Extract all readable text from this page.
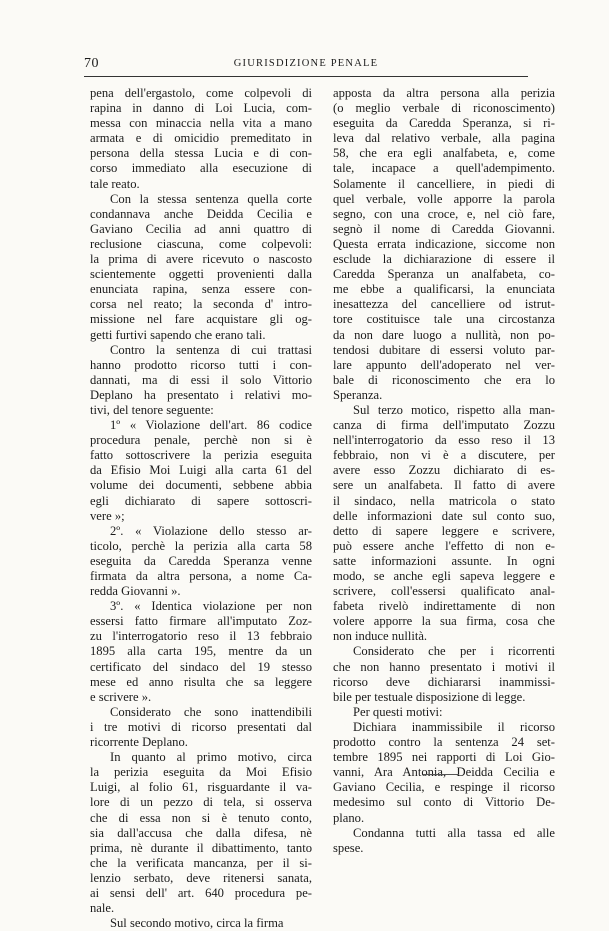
70	GIURISDIZIONE PENALE
pena dell'ergastolo, come colpevoli di
rapina in danno di Loi Lucia, com-
messa con minaccia nella vita a mano
armata e di omicidio premeditato in
persona della stessa Lucia e di con-
corso immediato alla esecuzione di
tale reato.
Con la stessa sentenza quella corte
condannava anche Deidda Cecilia e
Gaviano Cecilia ad anni quattro di
reclusione ciascuna, come colpevoli:
la prima di avere ricevuto o nascosto
scientemente oggetti provenienti dalla
enunciata rapina, senza essere con-
corsa nel reato; la seconda d' intro-
missione nel fare acquistare gli og-
getti furtivi sapendo che erano tali.
Contro la sentenza di cui trattasi
hanno prodotto ricorso tutti i con-
dannati, ma di essi il solo Vittorio
Deplano ha presentato i relativi mo-
tivi, del tenore seguente:
1º « Violazione dell'art. 86 codice
procedura penale, perchè non si è
fatto sottoscrivere la perizia eseguita
da Efisio Moi Luigi alla carta 61 del
volume dei documenti, sebbene abbia
egli dichiarato di sapere sottoscri-
vere »;
2º. « Violazione dello stesso ar-
ticolo, perchè la perizia alla carta 58
eseguita da Caredda Speranza venne
firmata da altra persona, a nome Ca-
redda Giovanni ».
3º. « Identica violazione per non
essersi fatto firmare all'imputato Zoz-
zu l'interrogatorio reso il 13 febbraio
1895 alla carta 195, mentre da un
certificato del sindaco del 19 stesso
mese ed anno risulta che sa leggere
e scrivere ».
Considerato che sono inattendibili
i tre motivi di ricorso presentati dal
ricorrente Deplano.
In quanto al primo motivo, circa
la perizia eseguita da Moi Efisio
Luigi, al folio 61, risguardante il va-
lore di un pezzo di tela, si osserva
che di essa non si è tenuto conto,
sia dall'accusa che dalla difesa, nè
prima, nè durante il dibattimento, tanto
che la verificata mancanza, per il si-
lenzio serbato, deve ritenersi sanata,
ai sensi dell' art. 640 procedura pe-
nale.
Sul secondo motivo, circa la firma
apposta da altra persona alla perizia
(o meglio verbale di riconoscimento)
eseguita da Caredda Speranza, si ri-
leva dal relativo verbale, alla pagina
58, che era egli analfabeta, e, come
tale, incapace a quell'adempimento.
Solamente il cancelliere, in piedi di
quel verbale, volle apporre la parola
segno, con una croce, e, nel ciò fare,
segnò il nome di Caredda Giovanni.
Questa errata indicazione, siccome non
esclude la dichiarazione di essere il
Caredda Speranza un analfabeta, co-
me ebbe a qualificarsi, la enunciata
inesattezza del cancelliere od istrut-
tore costituisce tale una circostanza
da non dare luogo a nullità, non po-
tendosi dubitare di essersi voluto par-
lare appunto dell'adoperato nel ver-
bale di riconoscimento che era lo
Speranza.
Sul terzo motico, rispetto alla man-
canza di firma dell'imputato Zozzu
nell'interrogatorio da esso reso il 13
febbraio, non vi è a discutere, per
avere esso Zozzu dichiarato di es-
sere un analfabeta. Il fatto di avere
il sindaco, nella matricola o stato
delle informazioni date sul conto suo,
detto di sapere leggere e scrivere,
può essere anche l'effetto di non e-
satte informazioni assunte. In ogni
modo, se anche egli sapeva leggere e
scrivere, coll'essersi qualificato anal-
fabeta rivelò indirettamente di non
volere apporre la sua firma, cosa che
non induce nullità.
Considerato che per i ricorrenti
che non hanno presentato i motivi il
ricorso deve dichiararsi inammissi-
bile per testuale disposizione di legge.
Per questi motivi:
Dichiara inammissibile il ricorso
prodotto contro la sentenza 24 set-
tembre 1895 nei rapporti di Loi Gio-
vanni, Ara Antonia, Deidda Cecilia e
Gaviano Cecilia, e respinge il ricorso
medesimo sul conto di Vittorio De-
plano.
Condanna tutti alla tassa ed alle
spese.
